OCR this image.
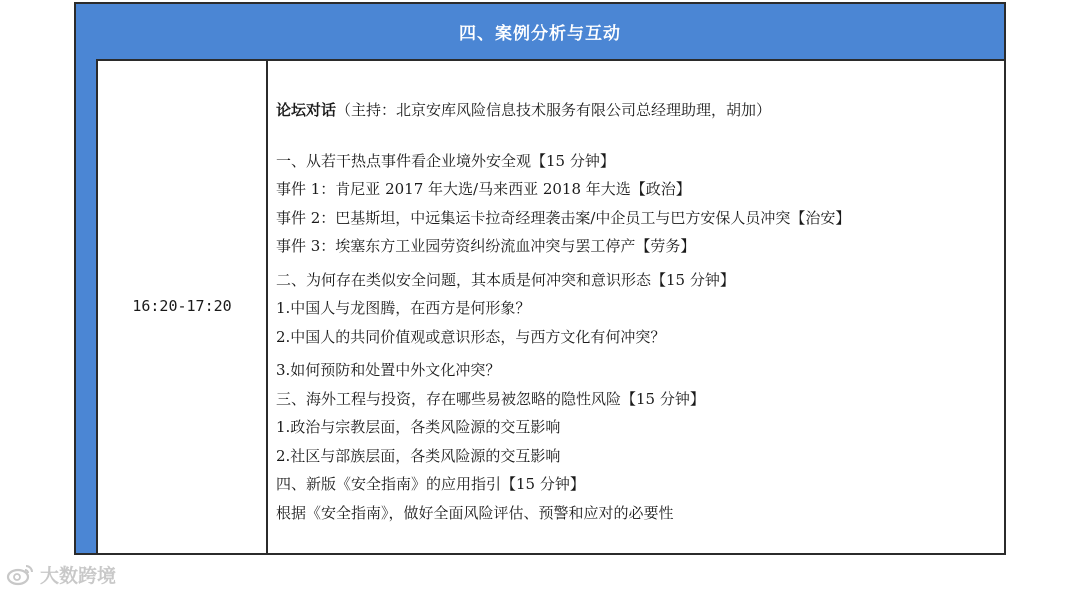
四、案例分析与互动
16:20-17:20
论坛对话（主持：北京安库风险信息技术服务有限公司总经理助理，胡加）
一、从若干热点事件看企业境外安全观【15 分钟】
事件 1：肯尼亚 2017 年大选/马来西亚 2018 年大选【政治】
事件 2：巴基斯坦，中远集运卡拉奇经理袭击案/中企员工与巴方安保人员冲突【治安】
事件 3：埃塞东方工业园劳资纠纷流血冲突与罢工停产【劳务】
二、为何存在类似安全问题，其本质是何冲突和意识形态【15 分钟】
1.中国人与龙图腾，在西方是何形象？
2.中国人的共同价值观或意识形态，与西方文化有何冲突？
3.如何预防和处置中外文化冲突？
三、海外工程与投资，存在哪些易被忽略的隐性风险【15 分钟】
1.政治与宗教层面，各类风险源的交互影响
2.社区与部族层面，各类风险源的交互影响
四、新版《安全指南》的应用指引【15 分钟】
根据《安全指南》，做好全面风险评估、预警和应对的必要性
大数跨境
